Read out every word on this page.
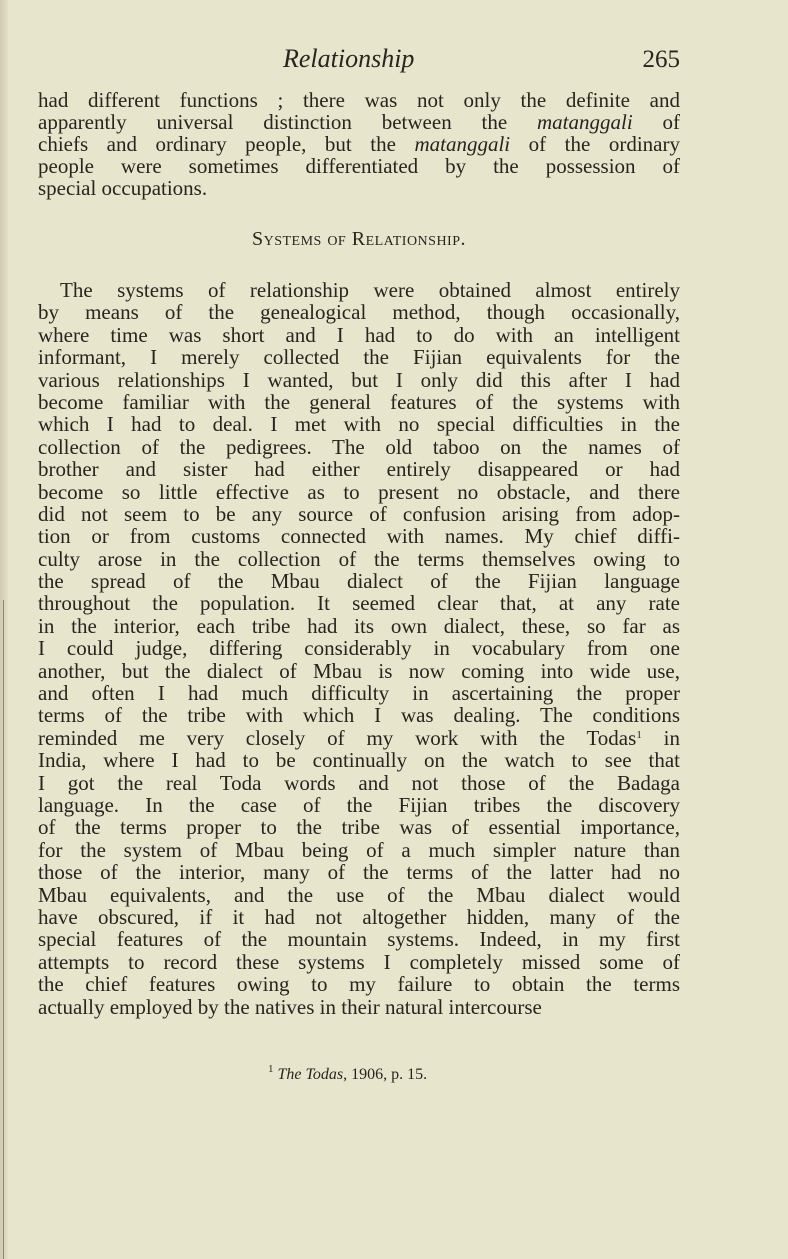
Relationship	265
had different functions ; there was not only the definite and
apparently universal distinction between the matanggali of
chiefs and ordinary people, but the matanggali of the ordinary
people were sometimes differentiated by the possession of
special occupations.
Systems of Relationship.
The systems of relationship were obtained almost entirely
by means of the genealogical method, though occasionally,
where time was short and I had to do with an intelligent
informant, I merely collected the Fijian equivalents for the
various relationships I wanted, but I only did this after I had
become familiar with the general features of the systems with
which I had to deal. I met with no special difficulties in the
collection of the pedigrees. The old taboo on the names of
brother and sister had either entirely disappeared or had
become so little effective as to present no obstacle, and there
did not seem to be any source of confusion arising from adop-
tion or from customs connected with names. My chief diffi-
culty arose in the collection of the terms themselves owing to
the spread of the Mbau dialect of the Fijian language
throughout the population. It seemed clear that, at any rate
in the interior, each tribe had its own dialect, these, so far as
I could judge, differing considerably in vocabulary from one
another, but the dialect of Mbau is now coming into wide use,
and often I had much difficulty in ascertaining the proper
terms of the tribe with which I was dealing. The conditions
reminded me very closely of my work with the Todas$^1$ in
India, where I had to be continually on the watch to see that
I got the real Toda words and not those of the Badaga
language. In the case of the Fijian tribes the discovery
of the terms proper to the tribe was of essential importance,
for the system of Mbau being of a much simpler nature than
those of the interior, many of the terms of the latter had no
Mbau equivalents, and the use of the Mbau dialect would
have obscured, if it had not altogether hidden, many of the
special features of the mountain systems. Indeed, in my first
attempts to record these systems I completely missed some of
the chief features owing to my failure to obtain the terms
actually employed by the natives in their natural intercourse
$^1$ The Todas, 1906, p. 15.
